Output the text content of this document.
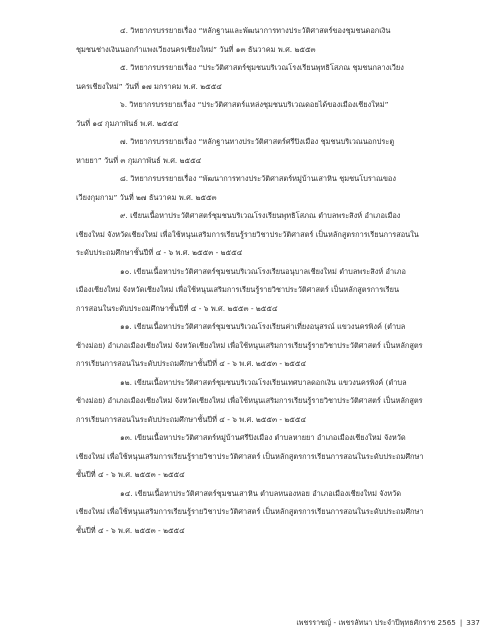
๔. วิทยากรบรรยายเรื่อง “หลักฐานและพัฒนาการทางประวัติศาสตร์ของชุมชนดอกเงิน
ชุมชนช่างเงินนอกกำแพงเวียงนครเชียงใหม่” วันที่ ๑๓ ธันวาคม พ.ศ. ๒๕๕๓
๕. วิทยากรบรรยายเรื่อง “ประวัติศาสตร์ชุมชนบริเวณโรงเรียนพุทธิโสภณ ชุมชนกลางเวียง
นครเชียงใหม่” วันที่ ๑๗ มกราคม พ.ศ. ๒๕๕๔
๖. วิทยากรบรรยายเรื่อง “ประวัติศาสตร์แหล่งชุมชนบริเวณดอยได้ของเมืองเชียงใหม่”
วันที่ ๑๔ กุมภาพันธ์ พ.ศ. ๒๕๕๔
๗. วิทยากรบรรยายเรื่อง “หลักฐานทางประวัติศาสตร์ศรีปิงเมือง ชุมชนบริเวณนอกประตู
หายยา” วันที่ ๓ กุมภาพันธ์ พ.ศ. ๒๕๕๔
๘. วิทยากรบรรยายเรื่อง “พัฒนาการทางประวัติศาสตร์หมู่บ้านเสาหิน ชุมชนโบราณของ
เวียงกุมกาม” วันที่ ๒๗ ธันวาคม พ.ศ. ๒๕๕๓
๙. เขียนเนื้อหาประวัติศาสตร์ชุมชนบริเวณโรงเรียนพุทธิโสภณ ตำบลพระสิงห์ อำเภอเมือง
เชียงใหม่ จังหวัดเชียงใหม่ เพื่อใช้หนุนเสริมการเรียนรู้รายวิชาประวัติศาสตร์ เป็นหลักสูตรการเรียนการสอนใน
ระดับประถมศึกษาชั้นปีที่ ๔ - ๖ พ.ศ. ๒๕๕๓ - ๒๕๕๔
๑๐. เขียนเนื้อหาประวัติศาสตร์ชุมชนบริเวณโรงเรียนอนุบาลเชียงใหม่ ตำบลพระสิงห์ อำเภอ
เมืองเชียงใหม่ จังหวัดเชียงใหม่ เพื่อใช้หนุนเสริมการเรียนรู้รายวิชาประวัติศาสตร์ เป็นหลักสูตรการเรียน
การสอนในระดับประถมศึกษาชั้นปีที่ ๔ - ๖ พ.ศ. ๒๕๕๓ - ๒๕๕๔
๑๑. เขียนเนื้อหาประวัติศาสตร์ชุมชนบริเวณโรงเรียนค่าเที่ยงอนุสรณ์ แขวงนครพิงค์ (ตำบล
ช้างม่อย) อำเภอเมืองเชียงใหม่ จังหวัดเชียงใหม่ เพื่อใช้หนุนเสริมการเรียนรู้รายวิชาประวัติศาสตร์ เป็นหลักสูตร
การเรียนการสอนในระดับประถมศึกษาชั้นปีที่ ๔ - ๖ พ.ศ. ๒๕๕๓ - ๒๕๕๔
๑๒. เขียนเนื้อหาประวัติศาสตร์ชุมชนบริเวณโรงเรียนเทศบาลดอกเงิน แขวงนครพิงค์ (ตำบล
ช้างม่อย) อำเภอเมืองเชียงใหม่ จังหวัดเชียงใหม่ เพื่อใช้หนุนเสริมการเรียนรู้รายวิชาประวัติศาสตร์ เป็นหลักสูตร
การเรียนการสอนในระดับประถมศึกษาชั้นปีที่ ๔ - ๖ พ.ศ. ๒๕๕๓ - ๒๕๕๔
๑๓. เขียนเนื้อหาประวัติศาสตร์หมู่บ้านศรีปิงเมือง ตำบลหายยา อำเภอเมืองเชียงใหม่ จังหวัด
เชียงใหม่ เพื่อใช้หนุนเสริมการเรียนรู้รายวิชาประวัติศาสตร์ เป็นหลักสูตรการเรียนการสอนในระดับประถมศึกษา
ชั้นปีที่ ๔ - ๖ พ.ศ. ๒๕๕๓ - ๒๕๕๔
๑๔. เขียนเนื้อหาประวัติศาสตร์ชุมชนเสาหิน ตำบลหนองหอย อำเภอเมืองเชียงใหม่ จังหวัด
เชียงใหม่ เพื่อใช้หนุนเสริมการเรียนรู้รายวิชาประวัติศาสตร์ เป็นหลักสูตรการเรียนการสอนในระดับประถมศึกษา
ชั้นปีที่ ๔ - ๖ พ.ศ. ๒๕๕๓ - ๒๕๕๔
เพชรราชญ์ - เพชรลัทนา ประจำปีพุทธศักราช 2565 | 337
